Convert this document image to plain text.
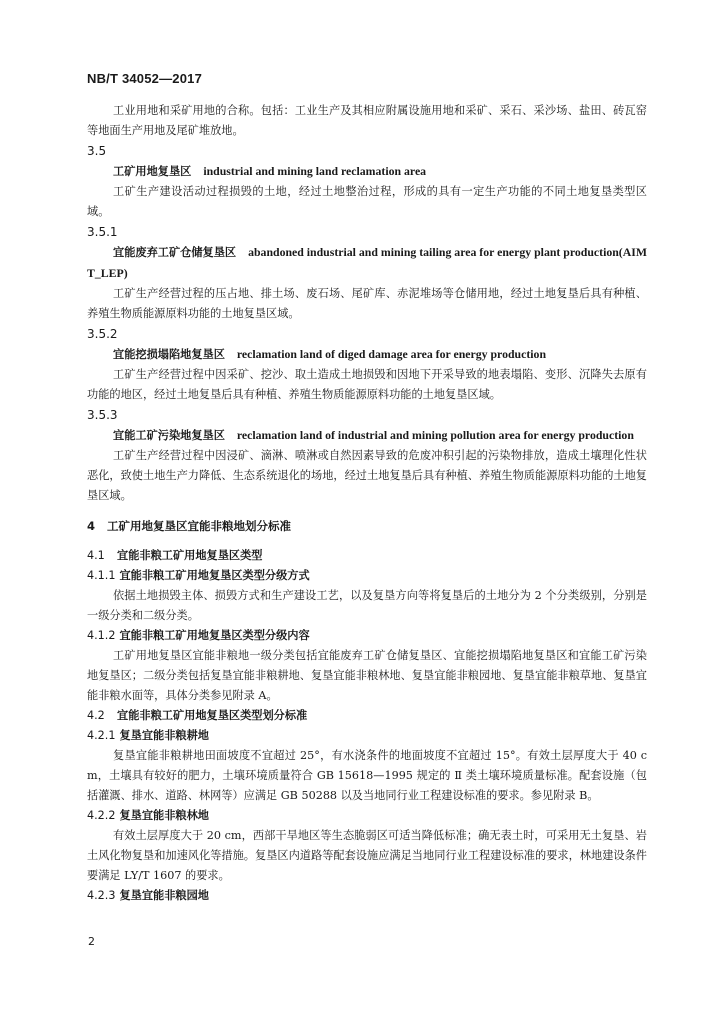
NB/T 34052—2017

工业用地和采矿用地的合称。包括：工业生产及其相应附属设施用地和采矿、采石、采沙场、盐田、砖瓦窑等地面生产用地及尾矿堆放地。

3.5

工矿用地复垦区 industrial and mining land reclamation area

工矿生产建设活动过程损毁的土地，经过土地整治过程，形成的具有一定生产功能的不同土地复垦类型区域。

3.5.1

宜能废弃工矿仓储复垦区 abandoned industrial and mining tailing area for energy plant production(AIMT_LEP)

工矿生产经营过程的压占地、排土场、废石场、尾矿库、赤泥堆场等仓储用地，经过土地复垦后具有种植、养殖生物质能源原料功能的土地复垦区域。

3.5.2

宜能挖损塌陷地复垦区 reclamation land of diged damage area for energy production

工矿生产经营过程中因采矿、挖沙、取土造成土地损毁和因地下开采导致的地表塌陷、变形、沉降失去原有功能的地区，经过土地复垦后具有种植、养殖生物质能源原料功能的土地复垦区域。

3.5.3

宜能工矿污染地复垦区 reclamation land of industrial and mining pollution area for energy production

工矿生产经营过程中因浸矿、滴淋、喷淋或自然因素导致的危废冲积引起的污染物排放，造成土壤理化性状恶化，致使土地生产力降低、生态系统退化的场地，经过土地复垦后具有种植、养殖生物质能源原料功能的土地复垦区域。

4 工矿用地复垦区宜能非粮地划分标准

4.1 宜能非粮工矿用地复垦区类型

4.1.1 宜能非粮工矿用地复垦区类型分级方式

依据土地损毁主体、损毁方式和生产建设工艺，以及复垦方向等将复垦后的土地分为 2 个分类级别，分别是一级分类和二级分类。

4.1.2 宜能非粮工矿用地复垦区类型分级内容

工矿用地复垦区宜能非粮地一级分类包括宜能废弃工矿仓储复垦区、宜能挖损塌陷地复垦区和宜能工矿污染地复垦区；二级分类包括复垦宜能非粮耕地、复垦宜能非粮林地、复垦宜能非粮园地、复垦宜能非粮草地、复垦宜能非粮水面等，具体分类参见附录 A。

4.2 宜能非粮工矿用地复垦区类型划分标准

4.2.1 复垦宜能非粮耕地

复垦宜能非粮耕地田面坡度不宜超过 25°，有水浇条件的地面坡度不宜超过 15°。有效土层厚度大于 40 cm，土壤具有较好的肥力，土壤环境质量符合 GB 15618—1995 规定的 Ⅱ 类土壤环境质量标准。配套设施（包括灌溉、排水、道路、林网等）应满足 GB 50288 以及当地同行业工程建设标准的要求。参见附录 B。

4.2.2 复垦宜能非粮林地

有效土层厚度大于 20 cm，西部干旱地区等生态脆弱区可适当降低标准；确无表土时，可采用无土复垦、岩土风化物复垦和加速风化等措施。复垦区内道路等配套设施应满足当地同行业工程建设标准的要求，林地建设条件要满足 LY/T 1607 的要求。

4.2.3 复垦宜能非粮园地

2
